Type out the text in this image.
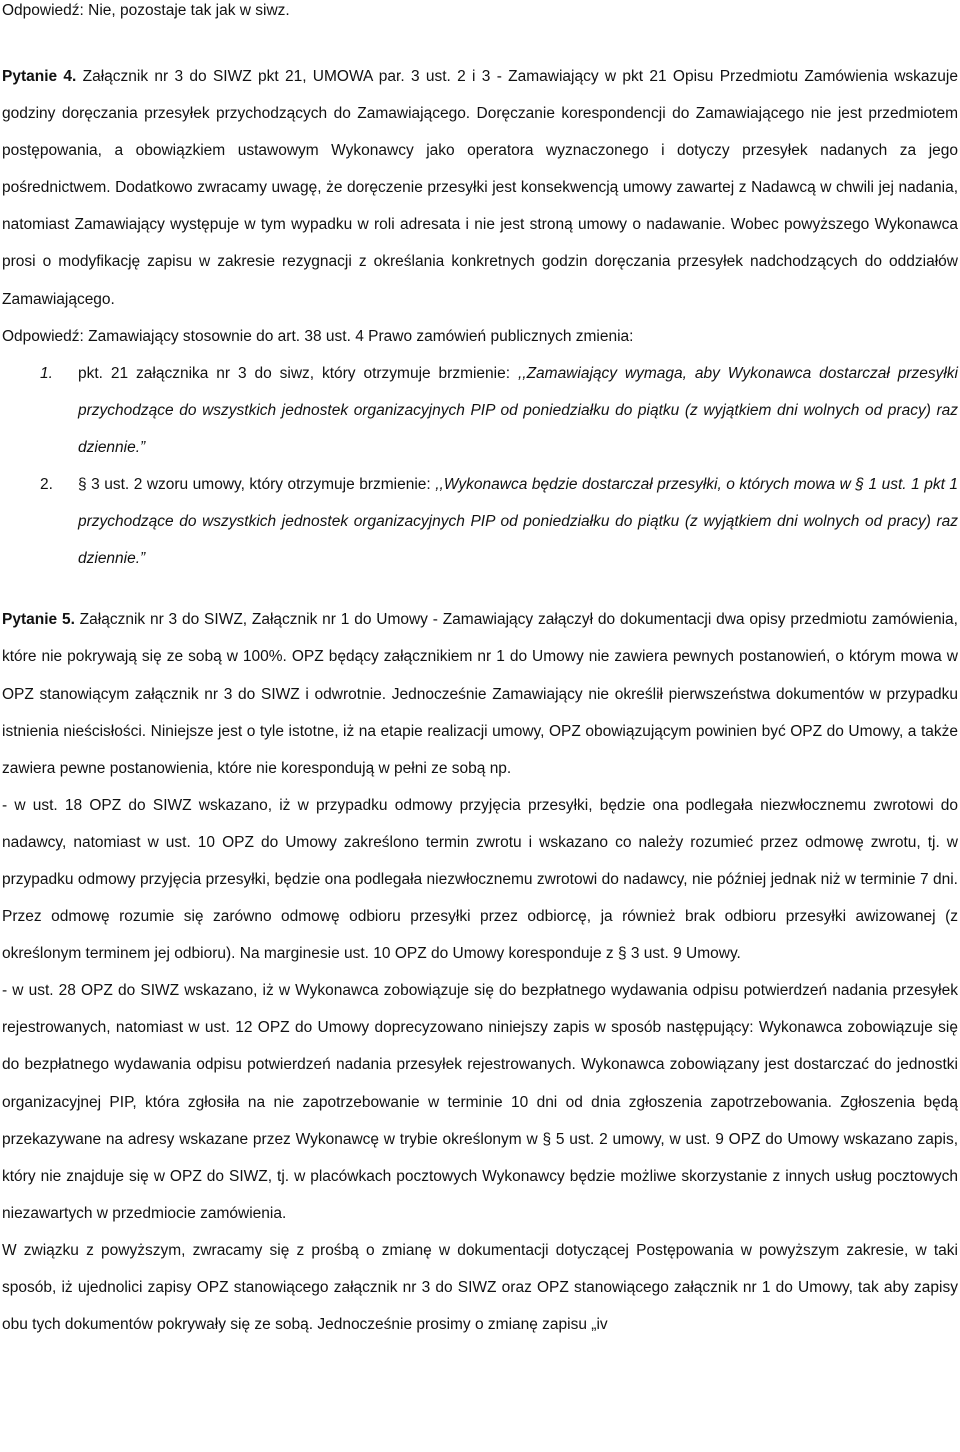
Odpowiedź: Nie, pozostaje tak jak w siwz.

Pytanie 4. Załącznik nr 3 do SIWZ pkt 21, UMOWA par. 3 ust. 2 i 3 - Zamawiający w pkt 21 Opisu Przedmiotu Zamówienia wskazuje godziny doręczania przesyłek przychodzących do Zamawiającego. Doręczanie korespondencji do Zamawiającego nie jest przedmiotem postępowania, a obowiązkiem ustawowym Wykonawcy jako operatora wyznaczonego i dotyczy przesyłek nadanych za jego pośrednictwem. Dodatkowo zwracamy uwagę, że doręczenie przesyłki jest konsekwencją umowy zawartej z Nadawcą w chwili jej nadania, natomiast Zamawiający występuje w tym wypadku w roli adresata i nie jest stroną umowy o nadawanie. Wobec powyższego Wykonawca prosi o modyfikację zapisu w zakresie rezygnacji z określania konkretnych godzin doręczania przesyłek nadchodzących do oddziałów Zamawiającego.

Odpowiedź: Zamawiający stosownie do art. 38 ust. 4 Prawo zamówień publicznych zmienia:

1.	pkt. 21 załącznika nr 3 do siwz, który otrzymuje brzmienie: ,,Zamawiający wymaga, aby Wykonawca dostarczał przesyłki przychodzące do wszystkich jednostek organizacyjnych PIP od poniedziałku do piątku (z wyjątkiem dni wolnych od pracy) raz dziennie.”
2.	§ 3 ust. 2 wzoru umowy, który otrzymuje brzmienie: ,,Wykonawca będzie dostarczał przesyłki, o których mowa w § 1 ust. 1 pkt 1 przychodzące do wszystkich jednostek organizacyjnych PIP od poniedziałku do piątku (z wyjątkiem dni wolnych od pracy) raz dziennie.”

Pytanie 5. Załącznik nr 3 do SIWZ, Załącznik nr 1 do Umowy - Zamawiający załączył do dokumentacji dwa opisy przedmiotu zamówienia, które nie pokrywają się ze sobą w 100%. OPZ będący załącznikiem nr 1 do Umowy nie zawiera pewnych postanowień, o którym mowa w OPZ stanowiącym załącznik nr 3 do SIWZ i odwrotnie. Jednocześnie Zamawiający nie określił pierwszeństwa dokumentów w przypadku istnienia nieścisłości. Niniejsze jest o tyle istotne, iż na etapie realizacji umowy, OPZ obowiązującym powinien być OPZ do Umowy, a także zawiera pewne postanowienia, które nie korespondują w pełni ze sobą np.

- w ust. 18 OPZ do SIWZ wskazano, iż w przypadku odmowy przyjęcia przesyłki, będzie ona podlegała niezwłocznemu zwrotowi do nadawcy, natomiast w ust. 10 OPZ do Umowy zakreślono termin zwrotu i wskazano co należy rozumieć przez odmowę zwrotu, tj. w przypadku odmowy przyjęcia przesyłki, będzie ona podlegała niezwłocznemu zwrotowi do nadawcy, nie później jednak niż w terminie 7 dni. Przez odmowę rozumie się zarówno odmowę odbioru przesyłki przez odbiorcę, ja również brak odbioru przesyłki awizowanej (z określonym terminem jej odbioru). Na marginesie ust. 10 OPZ do Umowy koresponduje z § 3 ust. 9 Umowy.

- w ust. 28 OPZ do SIWZ wskazano, iż w Wykonawca zobowiązuje się do bezpłatnego wydawania odpisu potwierdzeń nadania przesyłek rejestrowanych, natomiast w ust. 12 OPZ do Umowy doprecyzowano niniejszy zapis w sposób następujący: Wykonawca zobowiązuje się do bezpłatnego wydawania odpisu potwierdzeń nadania przesyłek rejestrowanych. Wykonawca zobowiązany jest dostarczać do jednostki organizacyjnej PIP, która zgłosiła na nie zapotrzebowanie w terminie 10 dni od dnia zgłoszenia zapotrzebowania. Zgłoszenia będą przekazywane na adresy wskazane przez Wykonawcę w trybie określonym w § 5 ust. 2 umowy, w ust. 9 OPZ do Umowy wskazano zapis, który nie znajduje się w OPZ do SIWZ, tj. w placówkach pocztowych Wykonawcy będzie możliwe skorzystanie z innych usług pocztowych niezawartych w przedmiocie zamówienia.

W związku z powyższym, zwracamy się z prośbą o zmianę w dokumentacji dotyczącej Postępowania w powyższym zakresie, w taki sposób, iż ujednolici zapisy OPZ stanowiącego załącznik nr 3 do SIWZ oraz OPZ stanowiącego załącznik nr 1 do Umowy, tak aby zapisy obu tych dokumentów pokrywały się ze sobą. Jednocześnie prosimy o zmianę zapisu „iv
